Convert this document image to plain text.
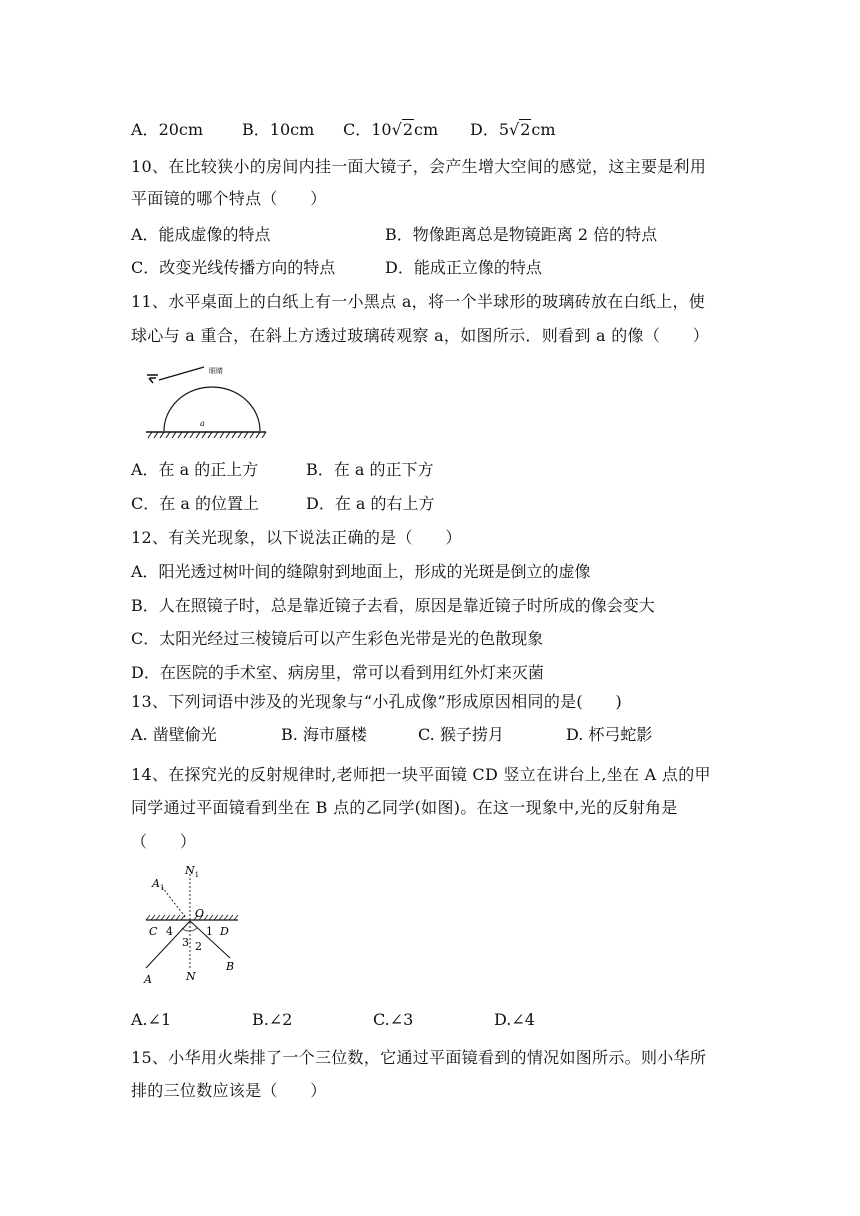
A．20cm B．10cm C．10√2cm D．5√2cm
10、在比较狭小的房间内挂一面大镜子，会产生增大空间的感觉，这主要是利用
平面镜的哪个特点（　　）
A．能成虚像的特点	B．物像距离总是物镜距离 2 倍的特点
C．改变光线传播方向的特点	D．能成正立像的特点
11、水平桌面上的白纸上有一小黑点 a，将一个半球形的玻璃砖放在白纸上，使
球心与 a 重合，在斜上方透过玻璃砖观察 a，如图所示．则看到 a 的像（　　）
眼睛
a
A．在 a 的正上方	B．在 a 的正下方
C．在 a 的位置上	D．在 a 的右上方
12、有关光现象，以下说法正确的是（　　）
A．阳光透过树叶间的缝隙射到地面上，形成的光斑是倒立的虚像
B．人在照镜子时，总是靠近镜子去看，原因是靠近镜子时所成的像会变大
C．太阳光经过三棱镜后可以产生彩色光带是光的色散现象
D．在医院的手术室、病房里，常可以看到用红外灯来灭菌
13、下列词语中涉及的光现象与“小孔成像”形成原因相同的是(　　)
A. 凿壁偷光	B. 海市蜃楼	C. 猴子捞月	D. 杯弓蛇影
14、在探究光的反射规律时,老师把一块平面镜 CD 竖立在讲台上,坐在 A 点的甲
同学通过平面镜看到坐在 B 点的乙同学(如图)。在这一现象中,光的反射角是
（　　）
$N_1$
$A_1$
O
C 4	1 D
3 2
A	N
B
A.∠1	B.∠2	C.∠3	D.∠4
15、小华用火柴排了一个三位数，它通过平面镜看到的情况如图所示。则小华所
排的三位数应该是（　　）
